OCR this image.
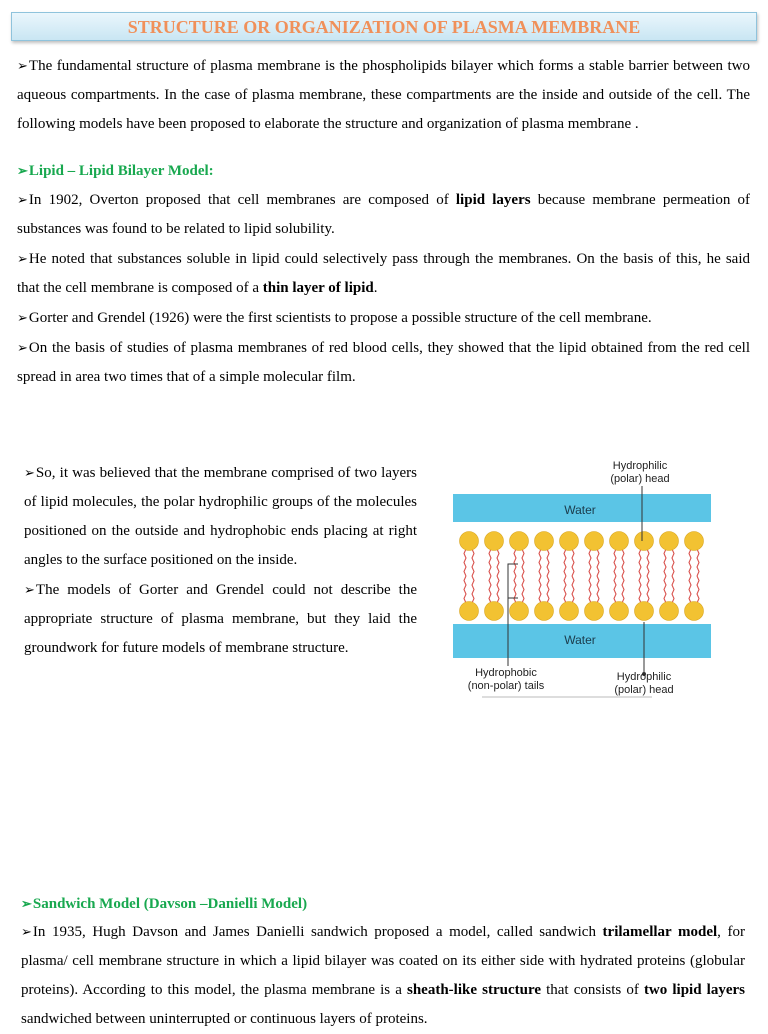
STRUCTURE OR ORGANIZATION OF PLASMA MEMBRANE

➢The fundamental structure of plasma membrane is the phospholipids bilayer which forms a stable barrier between two aqueous compartments. In the case of plasma membrane, these compartments are the inside and outside of the cell. The following models have been proposed to elaborate the structure and organization of plasma membrane .

➢Lipid – Lipid Bilayer Model:

➢In 1902, Overton proposed that cell membranes are composed of lipid layers because membrane permeation of substances was found to be related to lipid solubility.

➢He noted that substances soluble in lipid could selectively pass through the membranes. On the basis of this, he said that the cell membrane is composed of a thin layer of lipid.

➢Gorter and Grendel (1926) were the first scientists to propose a possible structure of the cell membrane.

➢On the basis of studies of plasma membranes of red blood cells, they showed that the lipid obtained from the red cell spread in area two times that of a simple molecular film.

➢So, it was believed that the membrane comprised of two layers of lipid molecules, the polar hydrophilic groups of the molecules positioned on the outside and hydrophobic ends placing at right angles to the surface positioned on the inside.

➢The models of Gorter and Grendel could not describe the appropriate structure of plasma membrane, but they laid the groundwork for future models of membrane structure.

Hydrophilic
(polar) head
Water
Water
Hydrophobic
(non-polar) tails
Hydrophilic
(polar) head
➢Sandwich Model (Davson –Danielli Model)

➢In 1935, Hugh Davson and James Danielli sandwich proposed a model, called sandwich trilamellar model, for plasma/ cell membrane structure in which a lipid bilayer was coated on its either side with hydrated proteins (globular proteins). According to this model, the plasma membrane is a sheath-like structure that consists of two lipid layers sandwiched between uninterrupted or continuous layers of proteins.
